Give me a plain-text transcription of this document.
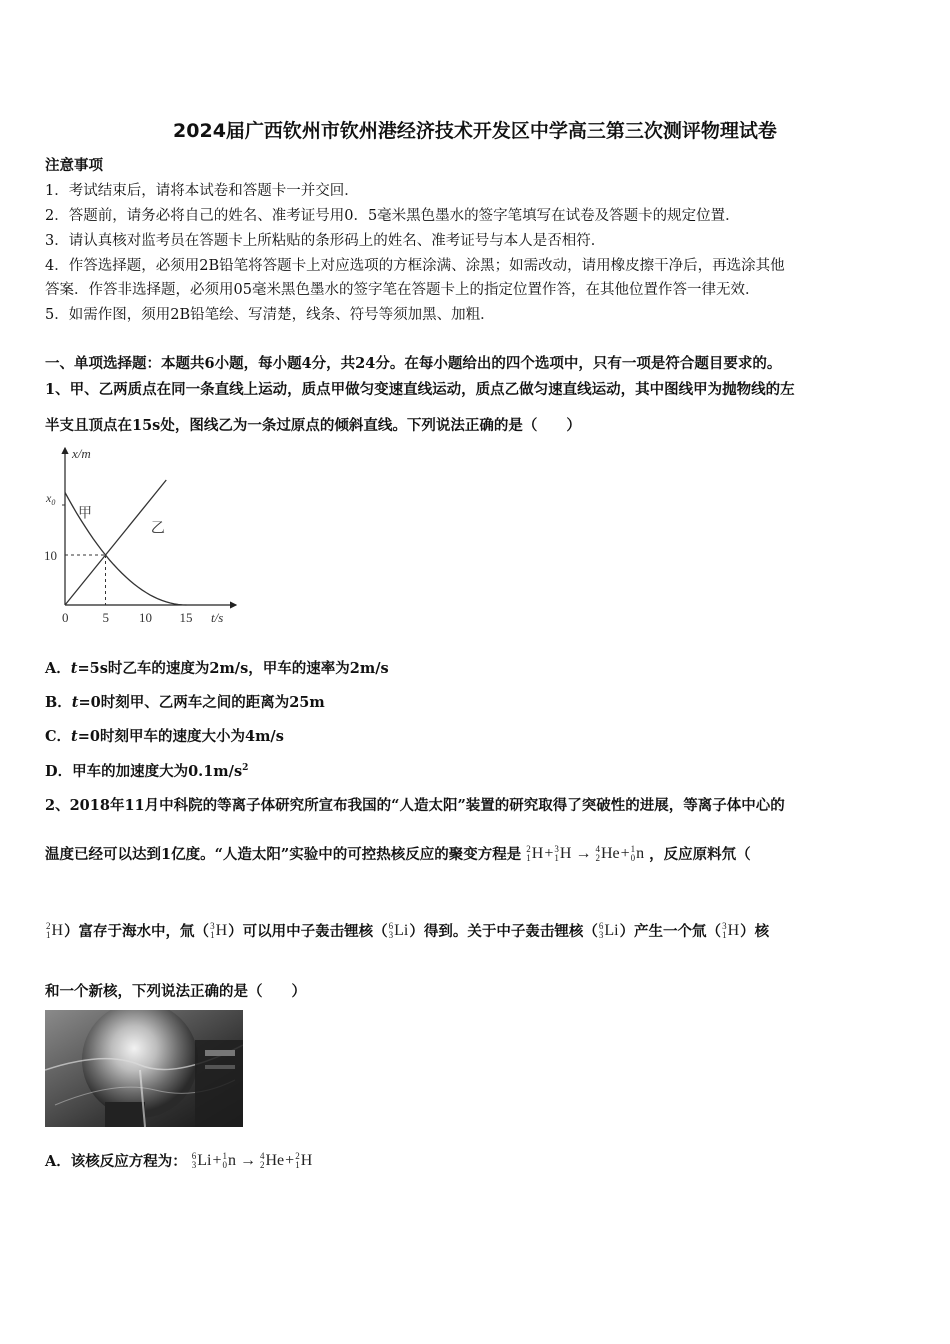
2024届广西钦州市钦州港经济技术开发区中学高三第三次测评物理试卷
注意事项
1．考试结束后，请将本试卷和答题卡一并交回．
2．答题前，请务必将自己的姓名、准考证号用0．5毫米黑色墨水的签字笔填写在试卷及答题卡的规定位置．
3．请认真核对监考员在答题卡上所粘贴的条形码上的姓名、准考证号与本人是否相符．
4．作答选择题，必须用2B铅笔将答题卡上对应选项的方框涂满、涂黑；如需改动，请用橡皮擦干净后，再选涂其他
答案．作答非选择题，必须用05毫米黑色墨水的签字笔在答题卡上的指定位置作答，在其他位置作答一律无效．
5．如需作图，须用2B铅笔绘、写清楚，线条、符号等须加黑、加粗．
一、单项选择题：本题共6小题，每小题4分，共24分。在每小题给出的四个选项中，只有一项是符合题目要求的。
1、甲、乙两质点在同一条直线上运动，质点甲做匀变速直线运动，质点乙做匀速直线运动，其中图线甲为抛物线的左
半支且顶点在15s处，图线乙为一条过原点的倾斜直线。下列说法正确的是（　　）
0	5 10 15
10
甲
乙
x/m
t/s
$x_0$
A．t=5s时乙车的速度为2m/s，甲车的速率为2m/s
B．t=0时刻甲、乙两车之间的距离为25m
C．t=0时刻甲车的速度大小为4m/s
D．甲车的加速度大为$0.1m/s^2$
2、2018年11月中科院的等离子体研究所宣布我国的“人造太阳”装置的研究取得了突破性的进展，等离子体中心的
温度已经可以达到1亿度。“人造太阳”实验中的可控热核反应的聚变方程是 2
1 H + 3
1 H → 4
2 He + 1
0 n ，反应原料氘（
2
1 H ）富存于海水中，氚（ 3
1 H ）可以用中子轰击锂核（ 6
3 Li ）得到。关于中子轰击锂核（ 6
3 Li ）产生一个氚（ 3
1 H ）核
和一个新核，下列说法正确的是（　　）
A．该核反应方程为： 6
3 Li + 1
0 n → 4
2 He + 2
1 H
